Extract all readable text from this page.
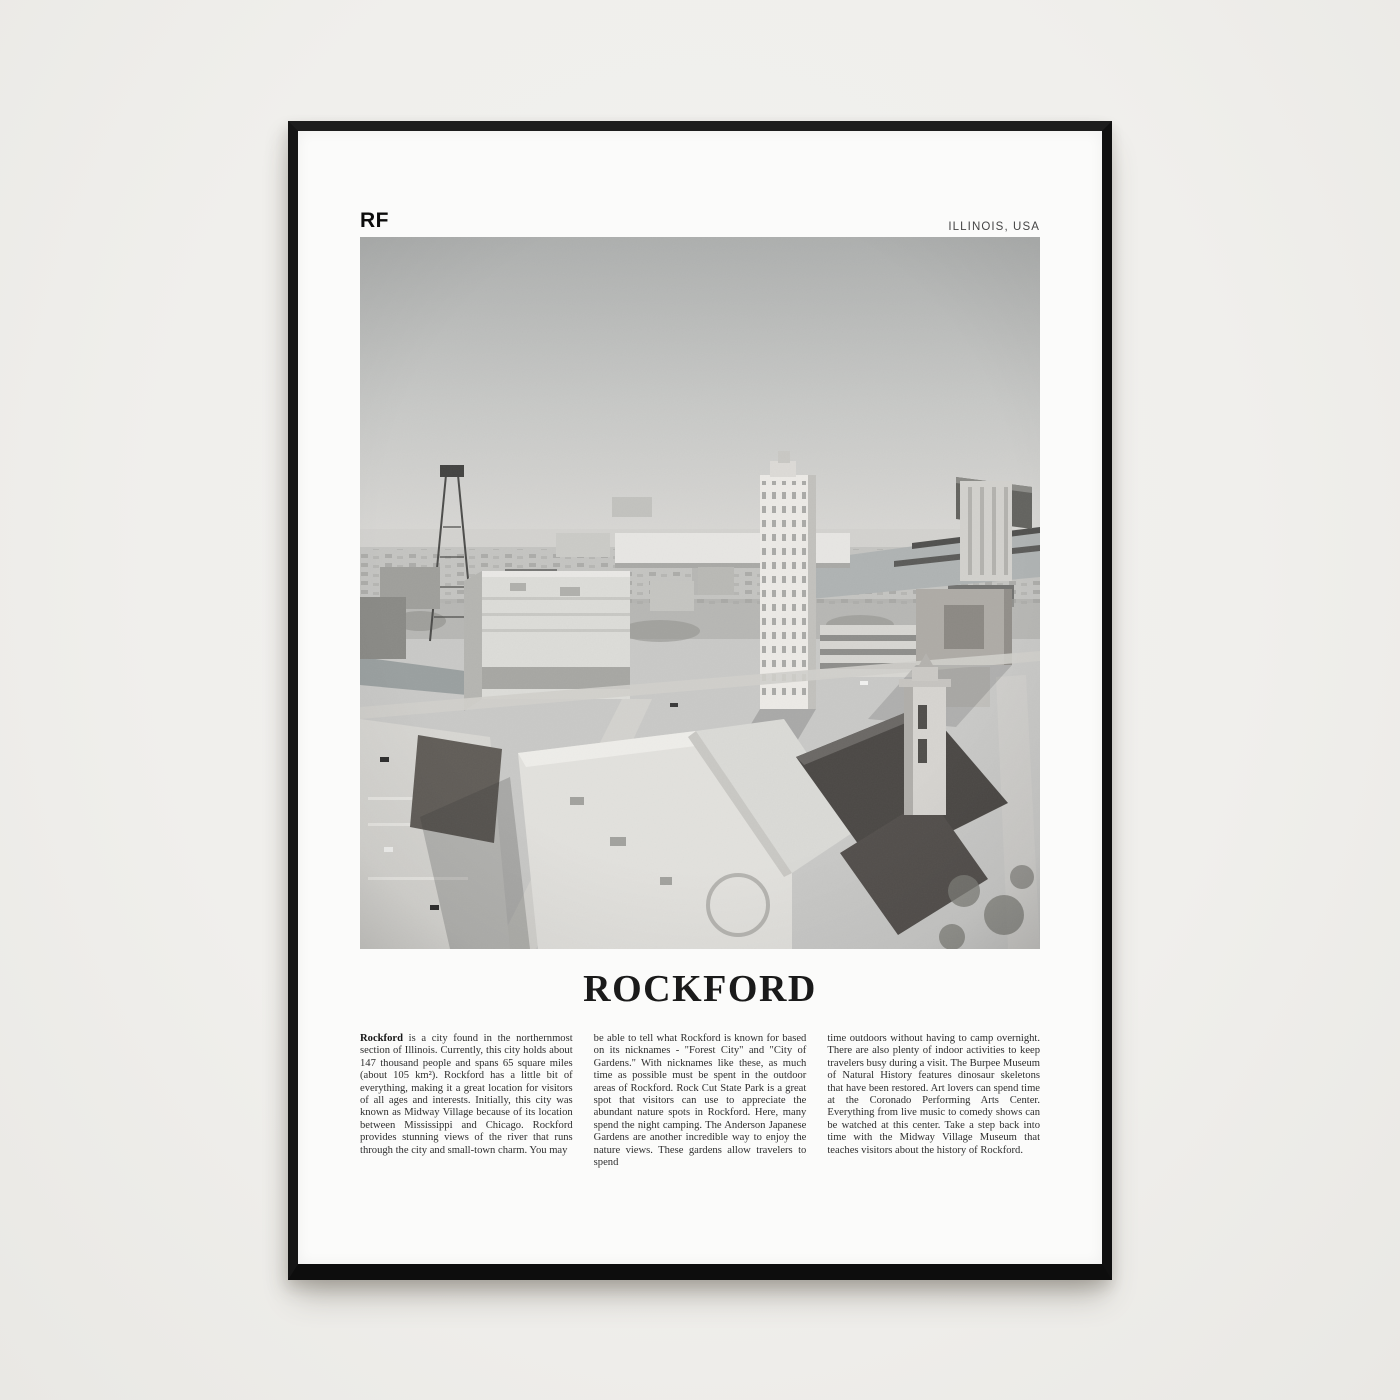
RF	ILLINOIS, USA
ROCKFORD
Rockford is a city found in the northernmost section of Illinois. Currently, this city holds about 147 thousand people and spans 65 square miles (about 105 km²). Rockford has a little bit of everything, making it a great location for visitors of all ages and interests. Initially, this city was known as Midway Village because of its location between Mississippi and Chicago. Rockford provides stunning views of the river that runs through the city and small-town charm. You may
be able to tell what Rockford is known for based on its nicknames - "Forest City" and "City of Gardens." With nicknames like these, as much time as possible must be spent in the outdoor areas of Rockford. Rock Cut State Park is a great spot that visitors can use to appreciate the abundant nature spots in Rockford. Here, many spend the night camping. The Anderson Japanese Gardens are another incredible way to enjoy the nature views. These gardens allow travelers to spend
time outdoors without having to camp overnight. There are also plenty of indoor activities to keep travelers busy during a visit. The Burpee Museum of Natural History features dinosaur skeletons that have been restored. Art lovers can spend time at the Coronado Performing Arts Center. Everything from live music to comedy shows can be watched at this center. Take a step back into time with the Midway Village Museum that teaches visitors about the history of Rockford.
